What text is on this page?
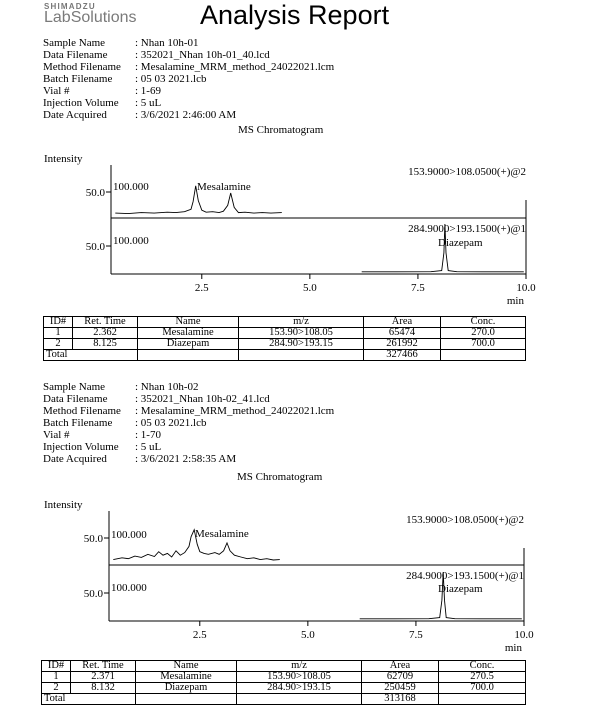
SHIMADZU
LabSolutions Analysis Report
Sample Name	: Nhan 10h-01
Data Filename	: 352021_Nhan 10h-01_40.lcd
Method Filename	: Mesalamine_MRM_method_24022021.lcm
Batch Filename	: 05 03 2021.lcb
Vial #	: 1-69
Injection Volume	: 5 uL
Date Acquired	: 3/6/2021 2:46:00 AM
MS Chromatogram
Intensity
50.0 100.000
153.9000>108.0500(+)@2
Mesalamine
50.0 100.000
284.9000>193.1500(+)@1
Diazepam
2.5	5.0	7.5	10.0
min
ID#	Ret. Time	Name	m/z	Area	Conc.
1	2.362	Mesalamine	153.90>108.05	65474	270.0
2	8.125	Diazepam	284.90>193.15	261992	700.0
Total				327466	
Sample Name	: Nhan 10h-02
Data Filename	: 352021_Nhan 10h-02_41.lcd
Method Filename	: Mesalamine_MRM_method_24022021.lcm
Batch Filename	: 05 03 2021.lcb
Vial #	: 1-70
Injection Volume	: 5 uL
Date Acquired	: 3/6/2021 2:58:35 AM
MS Chromatogram
Intensity
50.0 100.000
153.9000>108.0500(+)@2
Mesalamine
50.0 100.000
284.9000>193.1500(+)@1
Diazepam
2.5	5.0	7.5	10.0
min
ID#	Ret. Time	Name	m/z	Area	Conc.
1	2.371	Mesalamine	153.90>108.05	62709	270.5
2	8.132	Diazepam	284.90>193.15	250459	700.0
Total				313168	
